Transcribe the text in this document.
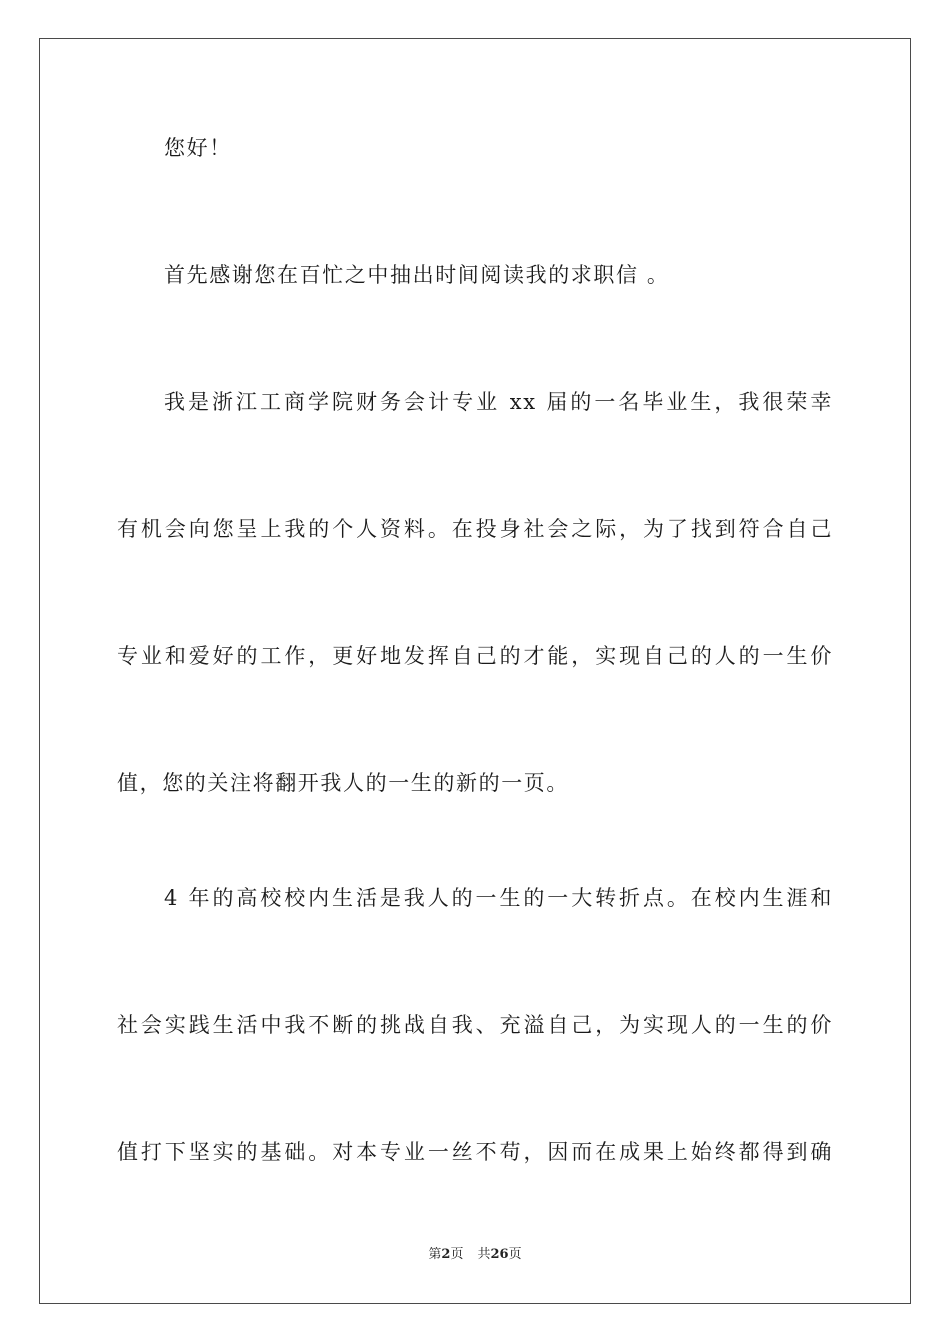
您好！
首先感谢您在百忙之中抽出时间阅读我的求职信 。
我是浙江工商学院财务会计专业 xx 届的一名毕业生，我很荣幸
有机会向您呈上我的个人资料。在投身社会之际，为了找到符合自己
专业和爱好的工作，更好地发挥自己的才能，实现自己的人的一生价
值，您的关注将翻开我人的一生的新的一页。
4 年的高校校内生活是我人的一生的一大转折点。在校内生涯和
社会实践生活中我不断的挑战自我、充溢自己，为实现人的一生的价
值打下坚实的基础。对本专业一丝不苟，因而在成果上始终都得到确
第2页 共26页
